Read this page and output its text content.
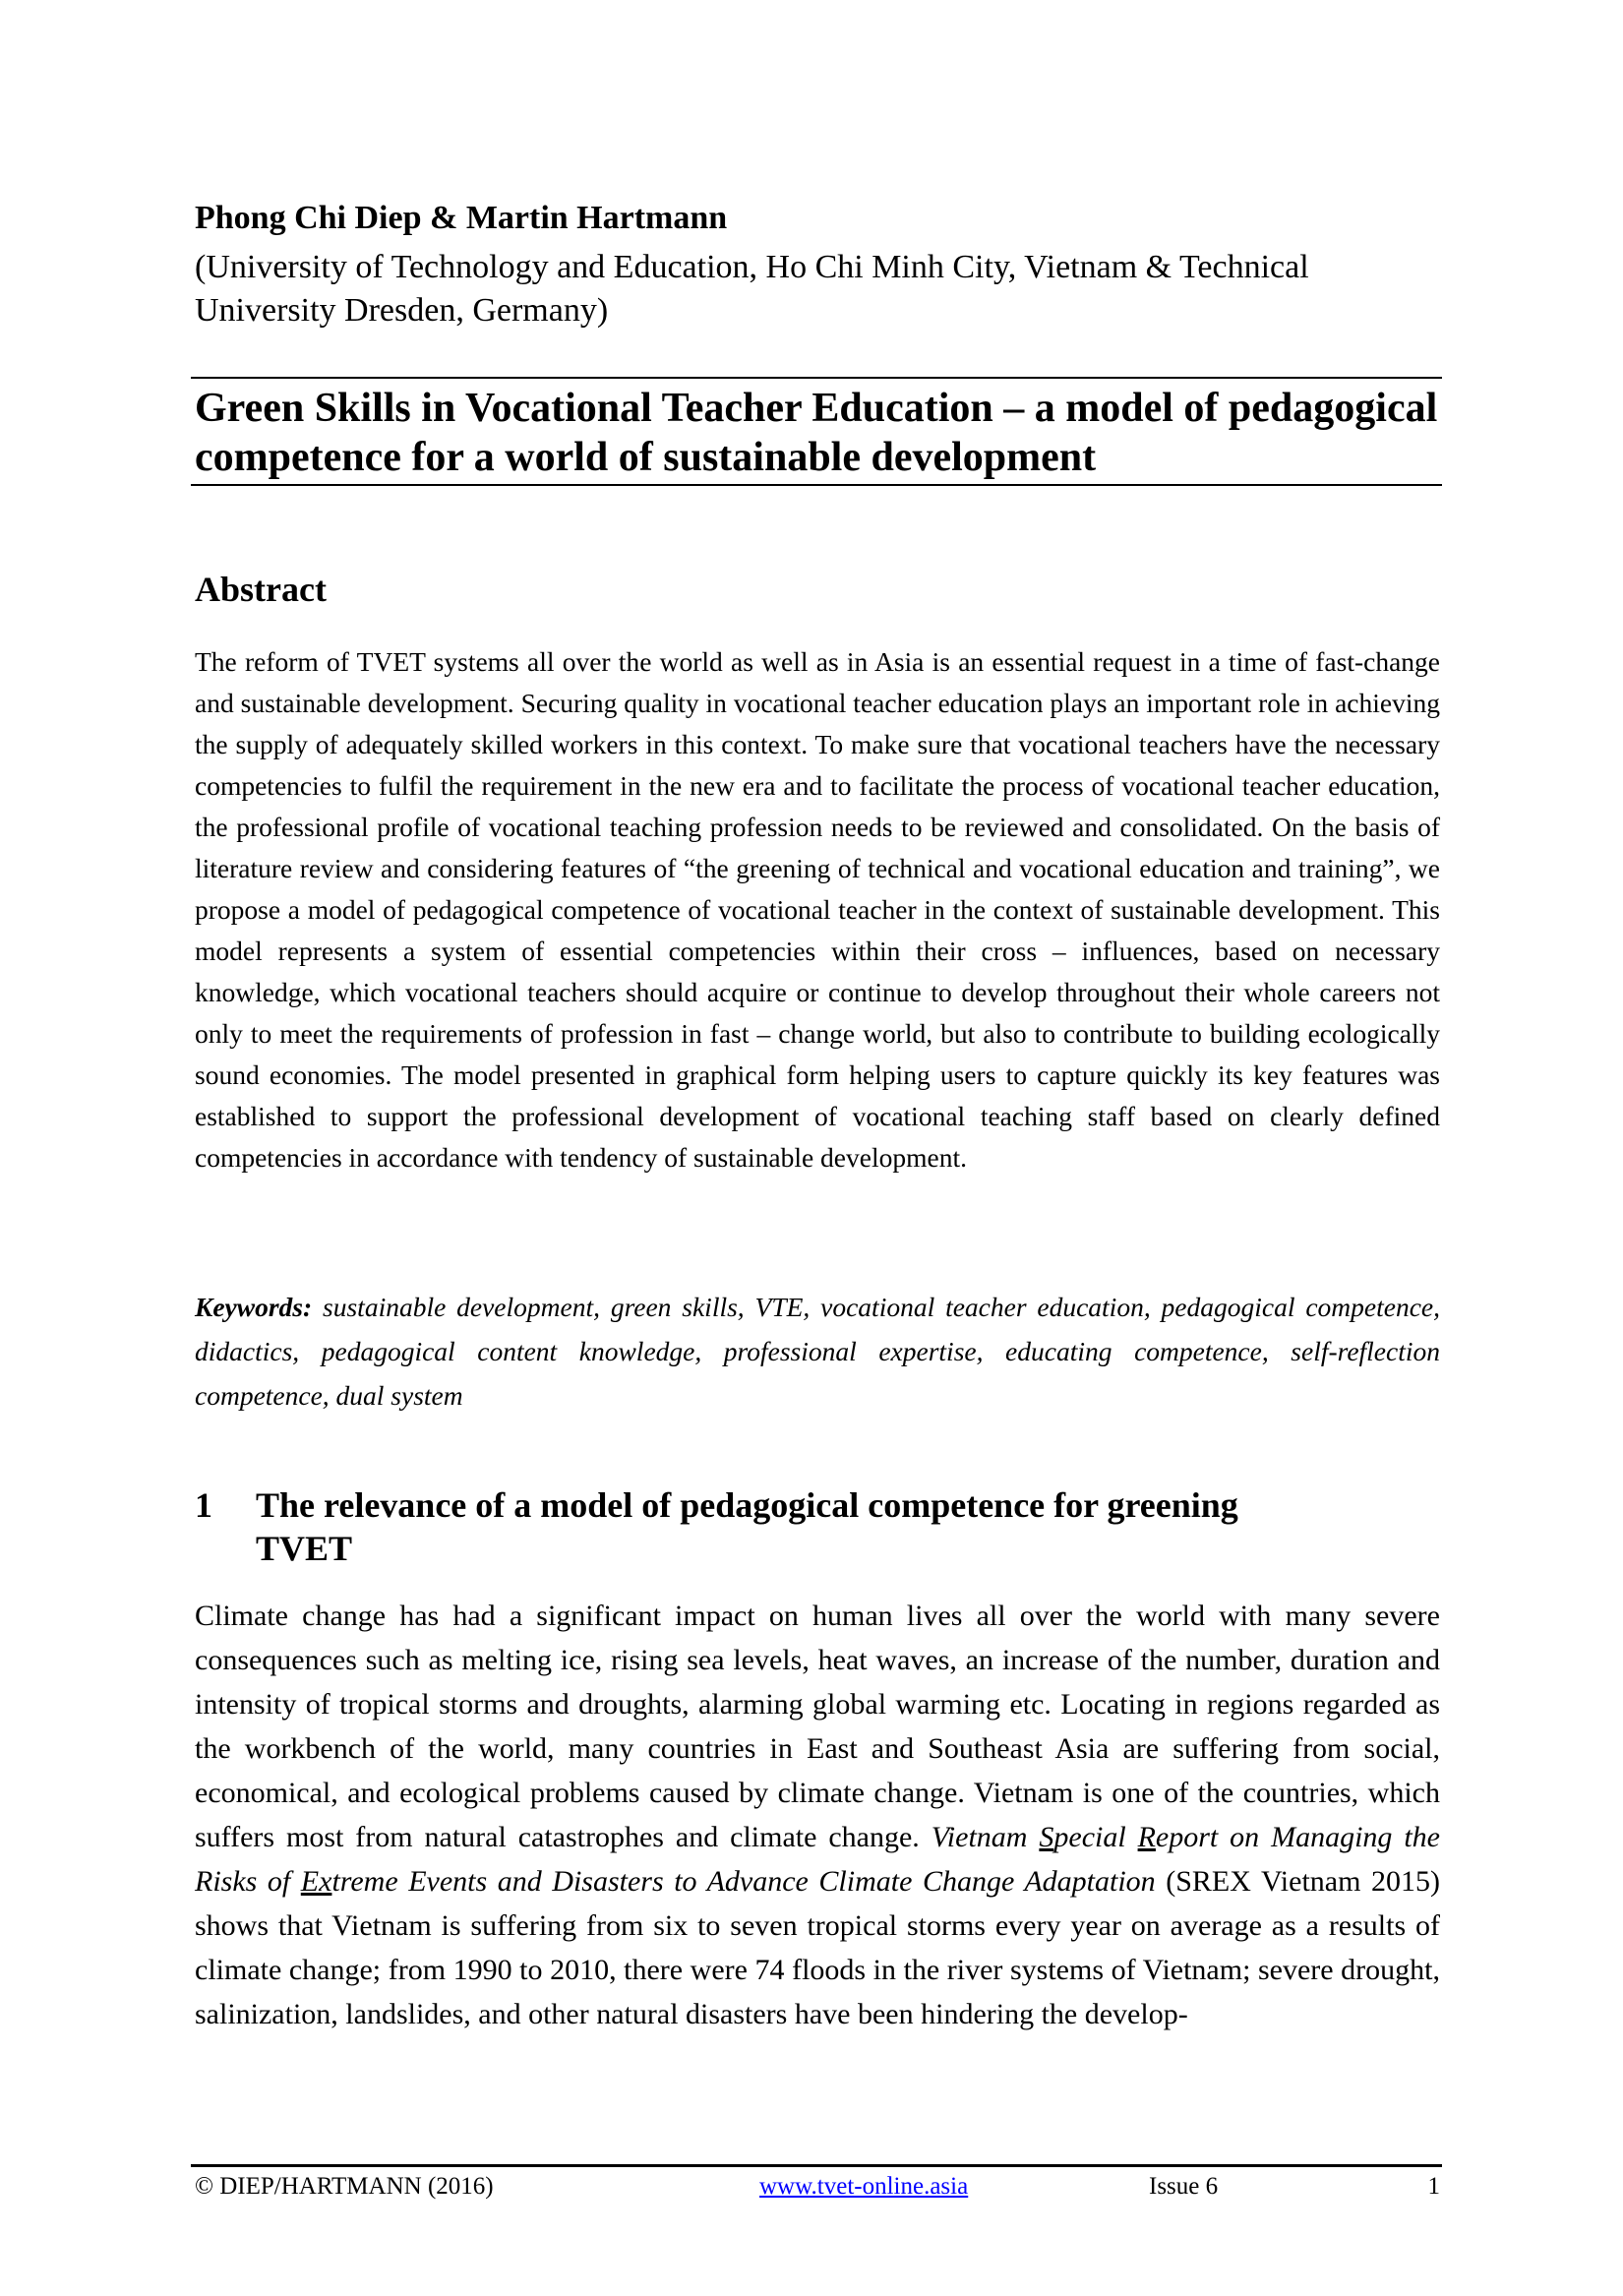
Phong Chi Diep & Martin Hartmann
(University of Technology and Education, Ho Chi Minh City, Vietnam & Technical University Dresden, Germany)
Green Skills in Vocational Teacher Education – a model of pedagogical competence for a world of sustainable development
Abstract

The reform of TVET systems all over the world as well as in Asia is an essential request in a time of fast-change and sustainable development. Securing quality in vocational teacher education plays an important role in achieving the supply of adequately skilled workers in this context. To make sure that vocational teachers have the necessary competencies to fulfil the requirement in the new era and to facilitate the process of vocational teacher education, the professional profile of vocational teaching profession needs to be reviewed and consolidated. On the basis of literature review and considering features of “the greening of technical and vocational education and training”, we propose a model of pedagogical competence of vocational teacher in the context of sustainable development. This model represents a system of essential competencies within their cross – influences, based on necessary knowledge, which vocational teachers should acquire or continue to develop throughout their whole careers not only to meet the requirements of profession in fast – change world, but also to contribute to building ecologically sound economies. The model presented in graphical form helping users to capture quickly its key features was established to support the professional development of vocational teaching staff based on clearly defined competencies in accordance with tendency of sustainable development.

Keywords: sustainable development, green skills, VTE, vocational teacher education, pedagogical competence, didactics, pedagogical content knowledge, professional expertise, educating competence, self-reflection competence, dual system

1	The relevance of a model of pedagogical competence for greening TVET

Climate change has had a significant impact on human lives all over the world with many severe consequences such as melting ice, rising sea levels, heat waves, an increase of the number, duration and intensity of tropical storms and droughts, alarming global warming etc. Locating in regions regarded as the workbench of the world, many countries in East and Southeast Asia are suffering from social, economical, and ecological problems caused by climate change. Vietnam is one of the countries, which suffers most from natural catastrophes and climate change. Vietnam Special Report on Managing the Risks of Extreme Events and Disasters to Advance Climate Change Adaptation (SREX Vietnam 2015) shows that Vietnam is suffering from six to seven tropical storms every year on average as a results of climate change; from 1990 to 2010, there were 74 floods in the river systems of Vietnam; severe drought, salinization, landslides, and other natural disasters have been hindering the develop-

© DIEP/HARTMANN (2016)	www.tvet-online.asia	Issue 6	1
